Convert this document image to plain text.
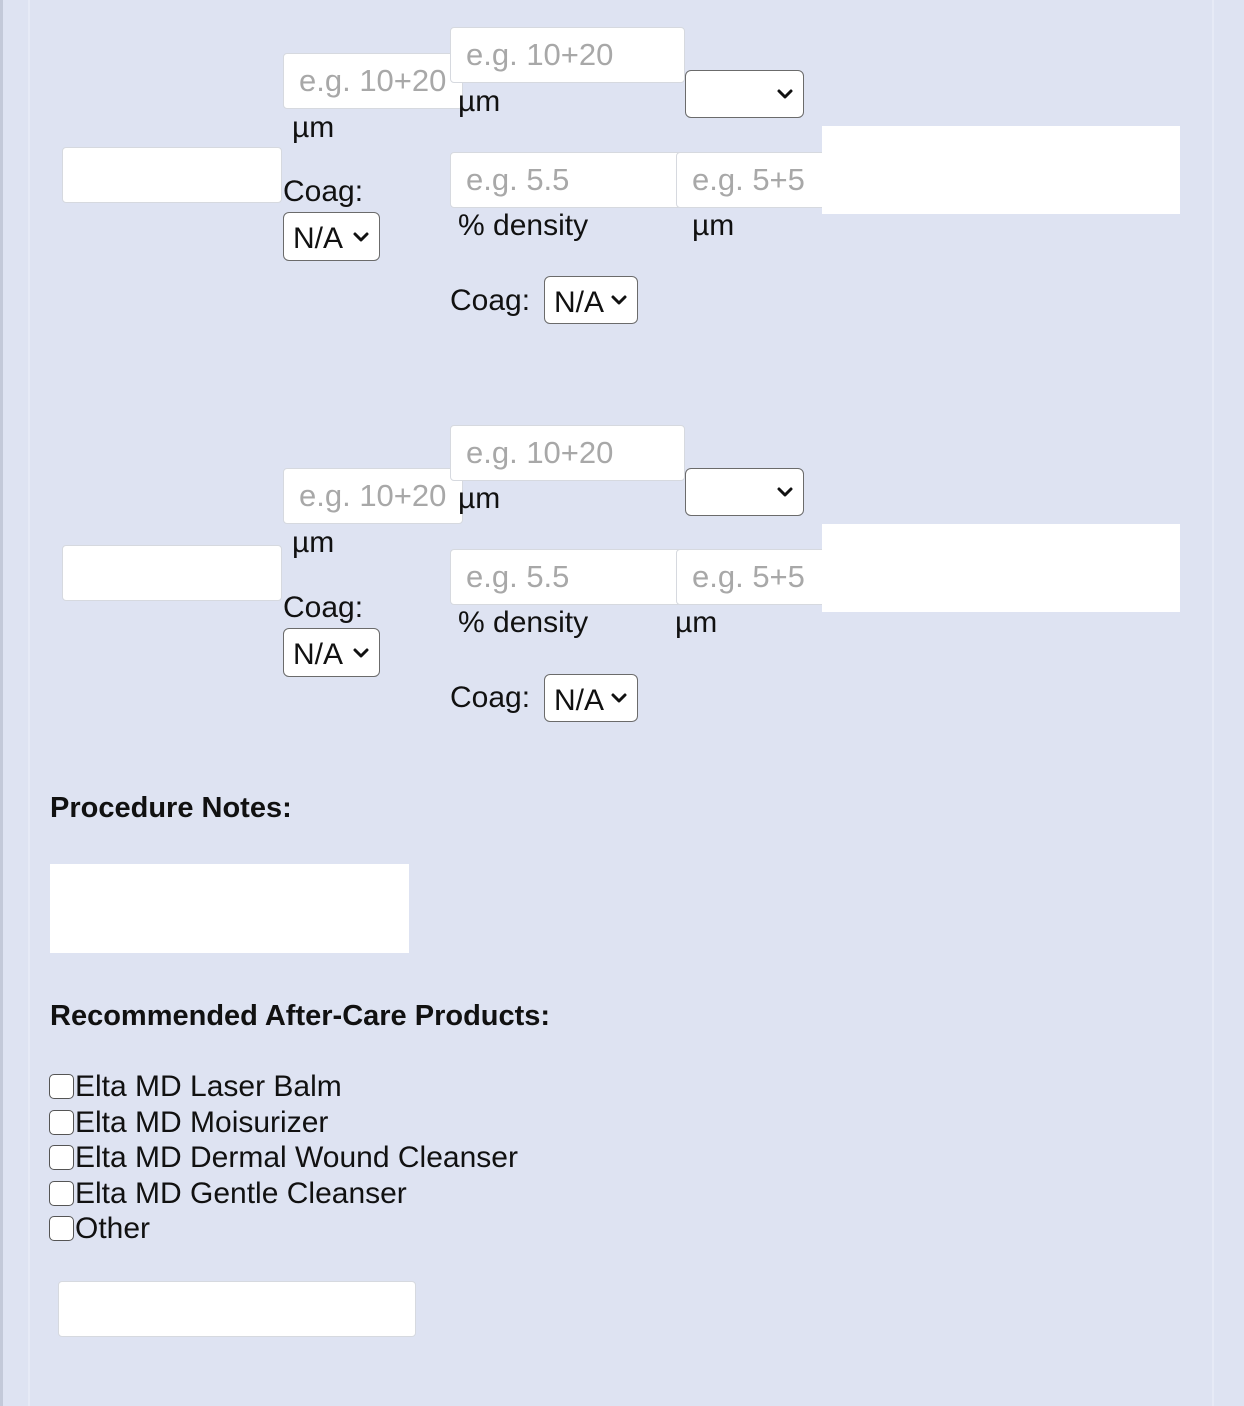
e.g. 10+20
µm
Coag:
N/A
e.g. 10+20
µm
e.g. 5.5
% density
Coag: N/A
e.g. 5+5
µm
e.g. 10+20
µm
Coag:
N/A
e.g. 10+20
µm
e.g. 5.5
% density
Coag: N/A
e.g. 5+5
µm
Procedure Notes:
Recommended After-Care Products:
Elta MD Laser Balm
Elta MD Moisurizer
Elta MD Dermal Wound Cleanser
Elta MD Gentle Cleanser
Other
